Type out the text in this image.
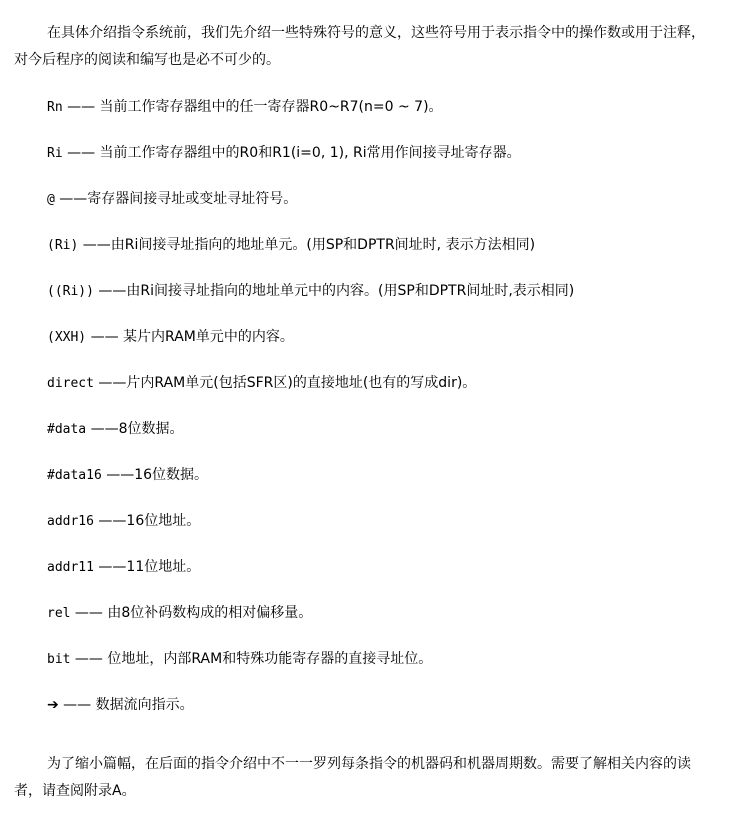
在具体介绍指令系统前，我们先介绍一些特殊符号的意义，这些符号用于表示指令中的操作数或用于注释，对今后程序的阅读和编写也是必不可少的。

Rn —— 当前工作寄存器组中的任一寄存器R0~R7(n=0 ~ 7)。
Ri —— 当前工作寄存器组中的R0和R1(i=0, 1), Ri常用作间接寻址寄存器。
@ ——寄存器间接寻址或变址寻址符号。
(Ri) ——由Ri间接寻址指向的地址单元。(用SP和DPTR间址时, 表示方法相同)
((Ri)) ——由Ri间接寻址指向的地址单元中的内容。(用SP和DPTR间址时,表示相同)
(XXH) —— 某片内RAM单元中的内容。
direct ——片内RAM单元(包括SFR区)的直接地址(也有的写成dir)。
#data ——8位数据。
#data16 ——16位数据。
addr16 ——16位地址。
addr11 ——11位地址。
rel —— 由8位补码数构成的相对偏移量。
bit —— 位地址，内部RAM和特殊功能寄存器的直接寻址位。
➔ —— 数据流向指示。

为了缩小篇幅，在后面的指令介绍中不一一罗列每条指令的机器码和机器周期数。需要了解相关内容的读者，请查阅附录A。
